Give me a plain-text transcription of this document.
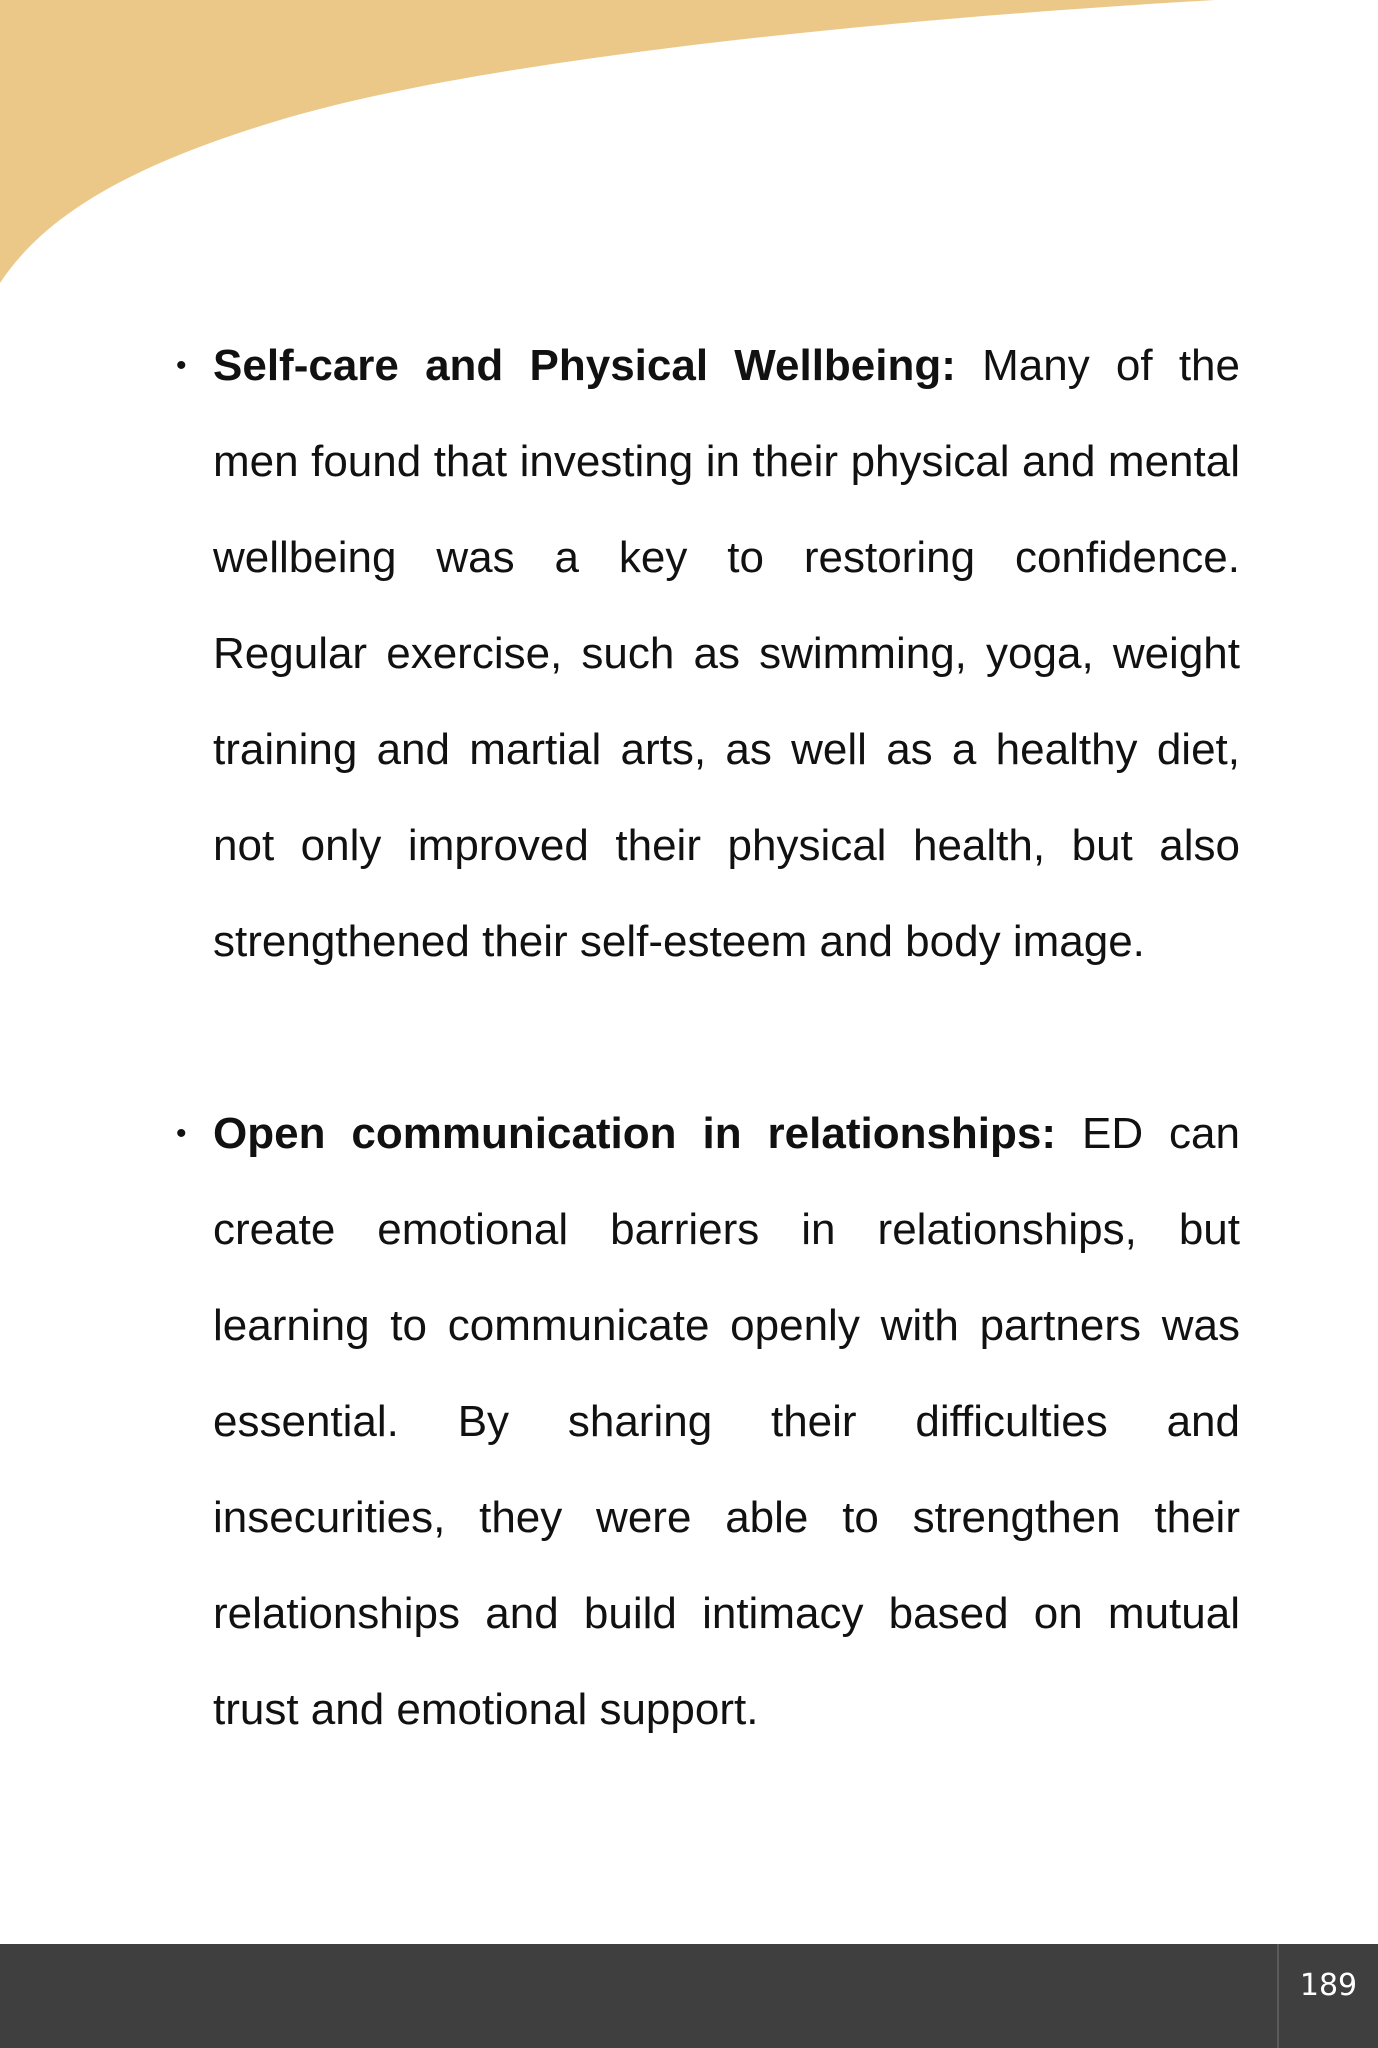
• Self-care and Physical Wellbeing: Many of the men found that investing in their physical and mental wellbeing was a key to restoring confidence. Regular exercise, such as swimming, yoga, weight training and martial arts, as well as a healthy diet, not only improved their physical health, but also strengthened their self-esteem and body image.
• Open communication in relationships: ED can create emotional barriers in relationships, but learning to communicate openly with partners was essential. By sharing their difficulties and insecurities, they were able to strengthen their relationships and build intimacy based on mutual trust and emotional support.
189
